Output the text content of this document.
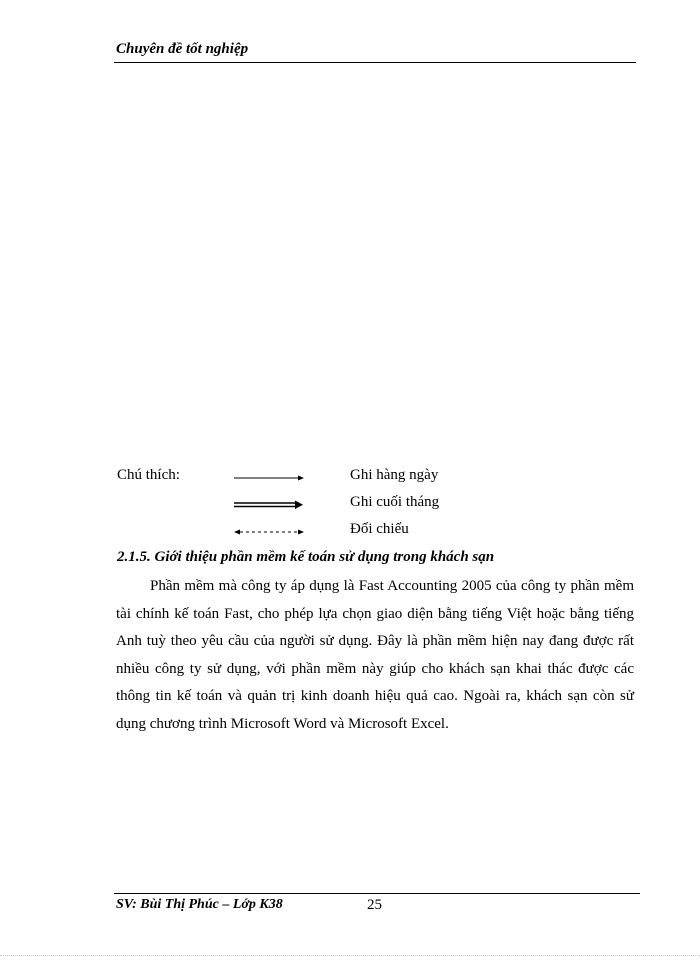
Chuyên đề tốt nghiệp
Chú thích:	Ghi hàng ngày
Ghi cuối tháng
Đối chiếu
2.1.5. Giới thiệu phần mềm kế toán sử dụng trong khách sạn

Phần mềm mà công ty áp dụng là Fast Accounting 2005 của công ty phần mềm tài chính kế toán Fast, cho phép lựa chọn giao diện bằng tiếng Việt hoặc bằng tiếng Anh tuỳ theo yêu cầu của người sử dụng. Đây là phần mềm hiện nay đang được rất nhiều công ty sử dụng, với phần mềm này giúp cho khách sạn khai thác được các thông tin kế toán và quản trị kinh doanh hiệu quả cao. Ngoài ra, khách sạn còn sử dụng chương trình Microsoft Word và Microsoft Excel.

SV: Bùi Thị Phúc – Lớp K38	25
